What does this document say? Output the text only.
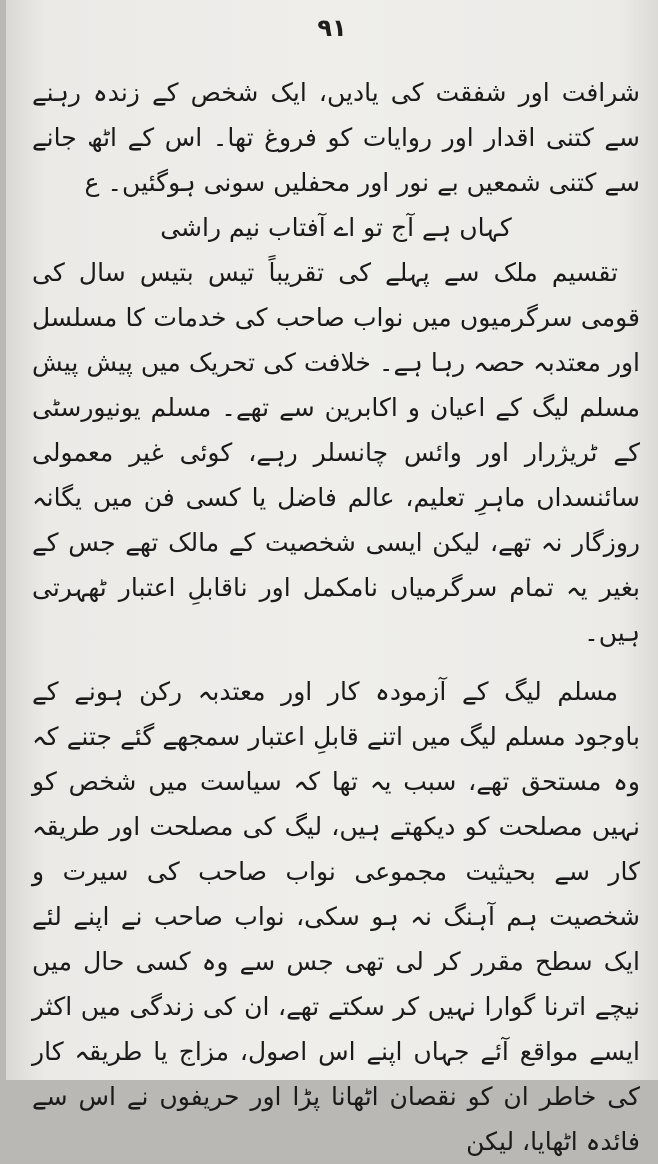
۹۱

شرافت اور شفقت کی یادیں، ایک شخص کے زندہ رہنے سے کتنی اقدار اور روایات کو فروغ تھا۔ اس کے اٹھ جانے سے کتنی شمعیں بے نور اور محفلیں سونی ہوگئیں۔ ع

کہاں ہے آج تو اے آفتاب نیم راشی

تقسیم ملک سے پہلے کی تقریباً تیس بتیس سال کی قومی سرگرمیوں میں نواب صاحب کی خدمات کا مسلسل اور معتدبہ حصہ رہا ہے۔ خلافت کی تحریک میں پیش پیش مسلم لیگ کے اعیان و اکابرین سے تھے۔ مسلم یونیورسٹی کے ٹریژرار اور وائس چانسلر رہے، کوئی غیر معمولی سائنسداں ماہرِ تعلیم، عالم فاضل یا کسی فن میں یگانہ روزگار نہ تھے، لیکن ایسی شخصیت کے مالک تھے جس کے بغیر یہ تمام سرگرمیاں نامکمل اور ناقابلِ اعتبار ٹھہرتی ہیں۔

مسلم لیگ کے آزمودہ کار اور معتدبہ رکن ہونے کے باوجود مسلم لیگ میں اتنے قابلِ اعتبار سمجھے گئے جتنے کہ وہ مستحق تھے، سبب یہ تھا کہ سیاست میں شخص کو نہیں مصلحت کو دیکھتے ہیں، لیگ کی مصلحت اور طریقہ کار سے بحیثیت مجموعی نواب صاحب کی سیرت و شخصیت ہم آہنگ نہ ہو سکی، نواب صاحب نے اپنے لئے ایک سطح مقرر کر لی تھی جس سے وہ کسی حال میں نیچے اترنا گوارا نہیں کر سکتے تھے، ان کی زندگی میں اکثر ایسے مواقع آئے جہاں اپنے اس اصول، مزاج یا طریقہ کار کی خاطر ان کو نقصان اٹھانا پڑا اور حریفوں نے اس سے فائدہ اٹھایا، لیکن
